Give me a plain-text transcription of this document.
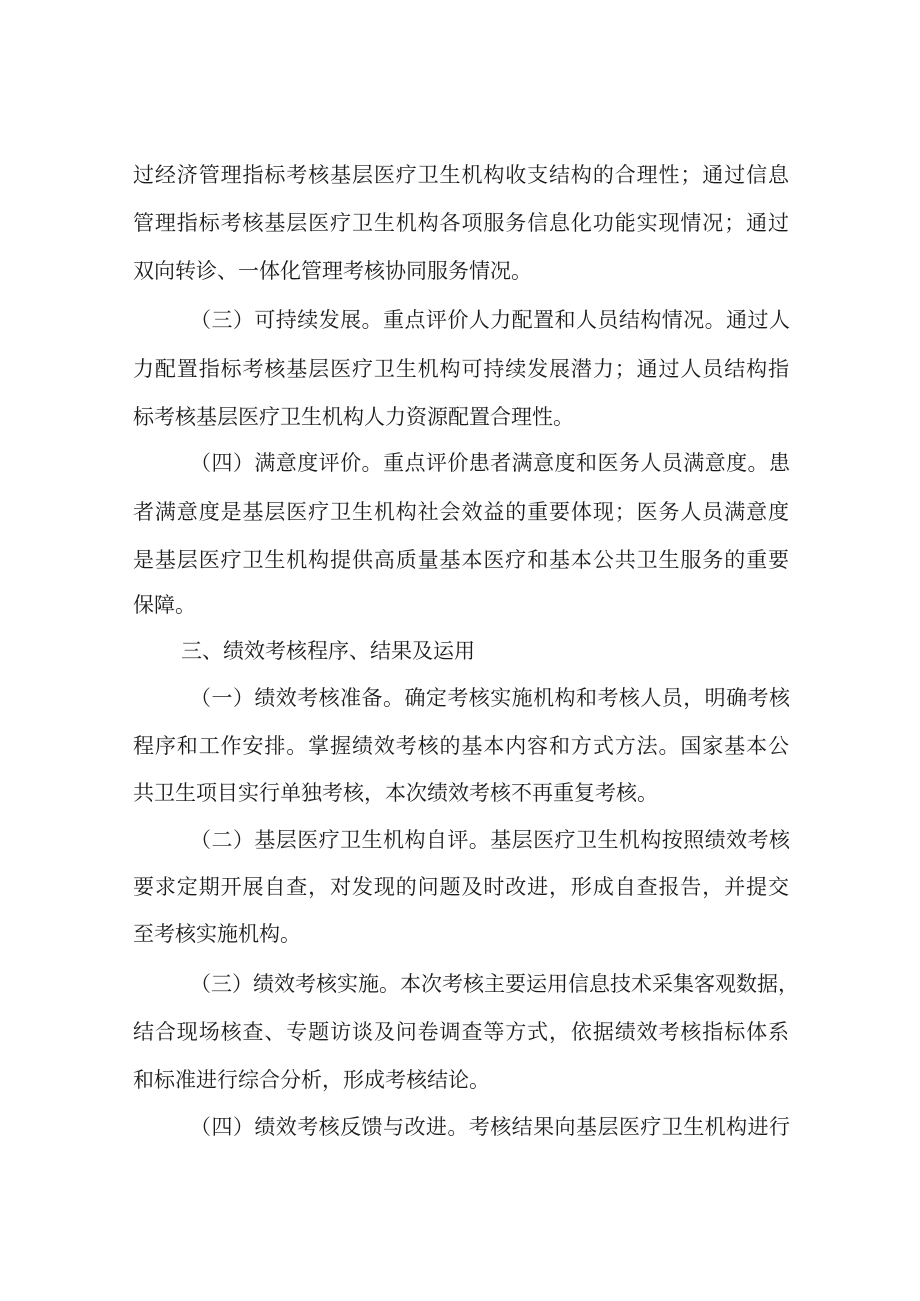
过经济管理指标考核基层医疗卫生机构收支结构的合理性；通过信息
管理指标考核基层医疗卫生机构各项服务信息化功能实现情况；通过
双向转诊、一体化管理考核协同服务情况。
（三）可持续发展。重点评价人力配置和人员结构情况。通过人
力配置指标考核基层医疗卫生机构可持续发展潜力；通过人员结构指
标考核基层医疗卫生机构人力资源配置合理性。
（四）满意度评价。重点评价患者满意度和医务人员满意度。患
者满意度是基层医疗卫生机构社会效益的重要体现；医务人员满意度
是基层医疗卫生机构提供高质量基本医疗和基本公共卫生服务的重要
保障。
三、绩效考核程序、结果及运用
（一）绩效考核准备。确定考核实施机构和考核人员，明确考核
程序和工作安排。掌握绩效考核的基本内容和方式方法。国家基本公
共卫生项目实行单独考核，本次绩效考核不再重复考核。
（二）基层医疗卫生机构自评。基层医疗卫生机构按照绩效考核
要求定期开展自查，对发现的问题及时改进，形成自查报告，并提交
至考核实施机构。
（三）绩效考核实施。本次考核主要运用信息技术采集客观数据，
结合现场核查、专题访谈及问卷调查等方式，依据绩效考核指标体系
和标准进行综合分析，形成考核结论。
（四）绩效考核反馈与改进。考核结果向基层医疗卫生机构进行
